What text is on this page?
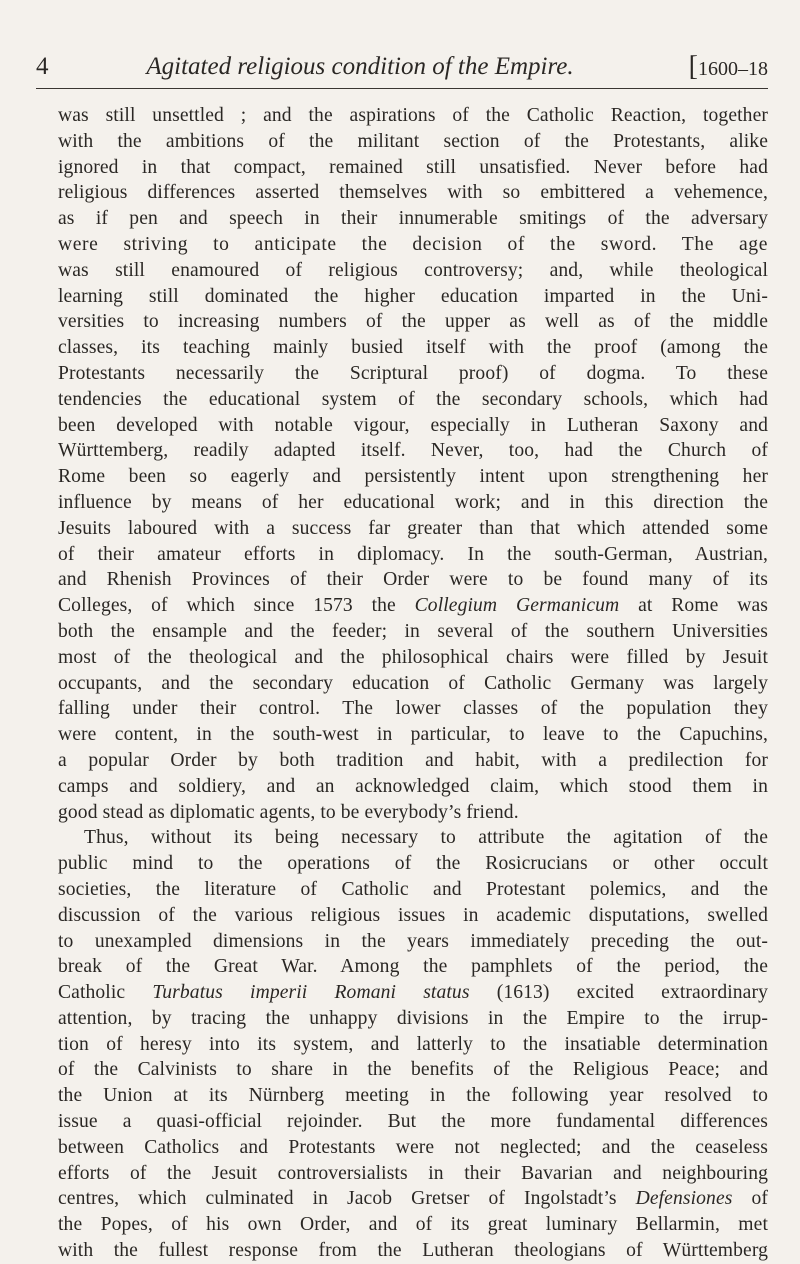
4	Agitated religious condition of the Empire.	[1600–18
was still unsettled ; and the aspirations of the Catholic Reaction, together
with the ambitions of the militant section of the Protestants, alike
ignored in that compact, remained still unsatisfied. Never before had
religious differences asserted themselves with so embittered a vehemence,
as if pen and speech in their innumerable smitings of the adversary
were striving to anticipate the decision of the sword. The age
was still enamoured of religious controversy; and, while theological
learning still dominated the higher education imparted in the Uni-
versities to increasing numbers of the upper as well as of the middle
classes, its teaching mainly busied itself with the proof (among the
Protestants necessarily the Scriptural proof) of dogma. To these
tendencies the educational system of the secondary schools, which had
been developed with notable vigour, especially in Lutheran Saxony and
Württemberg, readily adapted itself. Never, too, had the Church of
Rome been so eagerly and persistently intent upon strengthening her
influence by means of her educational work; and in this direction the
Jesuits laboured with a success far greater than that which attended some
of their amateur efforts in diplomacy. In the south-German, Austrian,
and Rhenish Provinces of their Order were to be found many of its
Colleges, of which since 1573 the Collegium Germanicum at Rome was
both the ensample and the feeder; in several of the southern Universities
most of the theological and the philosophical chairs were filled by Jesuit
occupants, and the secondary education of Catholic Germany was largely
falling under their control. The lower classes of the population they
were content, in the south-west in particular, to leave to the Capuchins,
a popular Order by both tradition and habit, with a predilection for
camps and soldiery, and an acknowledged claim, which stood them in
good stead as diplomatic agents, to be everybody’s friend.
Thus, without its being necessary to attribute the agitation of the
public mind to the operations of the Rosicrucians or other occult
societies, the literature of Catholic and Protestant polemics, and the
discussion of the various religious issues in academic disputations, swelled
to unexampled dimensions in the years immediately preceding the out-
break of the Great War. Among the pamphlets of the period, the
Catholic Turbatus imperii Romani status (1613) excited extraordinary
attention, by tracing the unhappy divisions in the Empire to the irrup-
tion of heresy into its system, and latterly to the insatiable determination
of the Calvinists to share in the benefits of the Religious Peace; and
the Union at its Nürnberg meeting in the following year resolved to
issue a quasi-official rejoinder. But the more fundamental differences
between Catholics and Protestants were not neglected; and the ceaseless
efforts of the Jesuit controversialists in their Bavarian and neighbouring
centres, which culminated in Jacob Gretser of Ingolstadt’s Defensiones of
the Popes, of his own Order, and of its great luminary Bellarmin, met
with the fullest response from the Lutheran theologians of Württemberg
